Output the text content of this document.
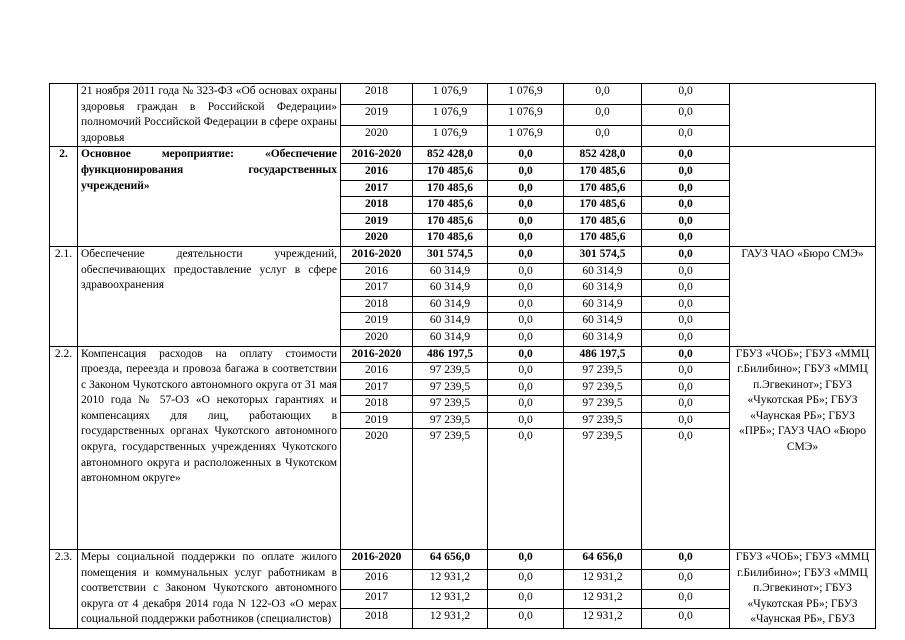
	21 ноября 2011 года № 323-ФЗ «Об основах охраны здоровья граждан в Российской Федерации» полномочий Российской Федерации в сфере охраны здоровья	2018	1 076,9	1 076,9	0,0	0,0	
		2019	1 076,9	1 076,9	0,0	0,0	
		2020	1 076,9	1 076,9	0,0	0,0	
2.	Основное мероприятие: «Обеспечение функционирования государственных учреждений»	2016-2020	852 428,0	0,0	852 428,0	0,0	
		2016	170 485,6	0,0	170 485,6	0,0	
		2017	170 485,6	0,0	170 485,6	0,0	
		2018	170 485,6	0,0	170 485,6	0,0	
		2019	170 485,6	0,0	170 485,6	0,0	
		2020	170 485,6	0,0	170 485,6	0,0	
2.1.	Обеспечение деятельности учреждений, обеспечивающих предоставление услуг в сфере здравоохранения	2016-2020	301 574,5	0,0	301 574,5	0,0	ГАУЗ ЧАО «Бюро СМЭ»
		2016	60 314,9	0,0	60 314,9	0,0	
		2017	60 314,9	0,0	60 314,9	0,0	
		2018	60 314,9	0,0	60 314,9	0,0	
		2019	60 314,9	0,0	60 314,9	0,0	
		2020	60 314,9	0,0	60 314,9	0,0	
2.2.	Компенсация расходов на оплату стоимости проезда, переезда и провоза багажа в соответствии с Законом Чукотского автономного округа от 31 мая 2010 года № 57-ОЗ «О некоторых гарантиях и компенсациях для лиц, работающих в государственных органах Чукотского автономного округа, государственных учреждениях Чукотского автономного округа и расположенных в Чукотском автономном округе»	2016-2020	486 197,5	0,0	486 197,5	0,0	ГБУЗ «ЧОБ»; ГБУЗ «ММЦ г.Билибино»; ГБУЗ «ММЦ п.Эгвекинот»; ГБУЗ «Чукотская РБ»; ГБУЗ «Чаунская РБ»; ГБУЗ «ПРБ»; ГАУЗ ЧАО «Бюро СМЭ»
		2016	97 239,5	0,0	97 239,5	0,0	
		2017	97 239,5	0,0	97 239,5	0,0	
		2018	97 239,5	0,0	97 239,5	0,0	
		2019	97 239,5	0,0	97 239,5	0,0	
		2020	97 239,5	0,0	97 239,5	0,0	
2.3.	Меры социальной поддержки по оплате жилого помещения и коммунальных услуг работникам в соответствии с Законом Чукотского автономного округа от 4 декабря 2014 года N 122-ОЗ «О мерах социальной поддержки работников (специалистов)	2016-2020	64 656,0	0,0	64 656,0	0,0	ГБУЗ «ЧОБ»; ГБУЗ «ММЦ г.Билибино»; ГБУЗ «ММЦ п.Эгвекинот»; ГБУЗ «Чукотская РБ»; ГБУЗ «Чаунская РБ», ГБУЗ
		2016	12 931,2	0,0	12 931,2	0,0	
		2017	12 931,2	0,0	12 931,2	0,0	
		2018	12 931,2	0,0	12 931,2	0,0	
